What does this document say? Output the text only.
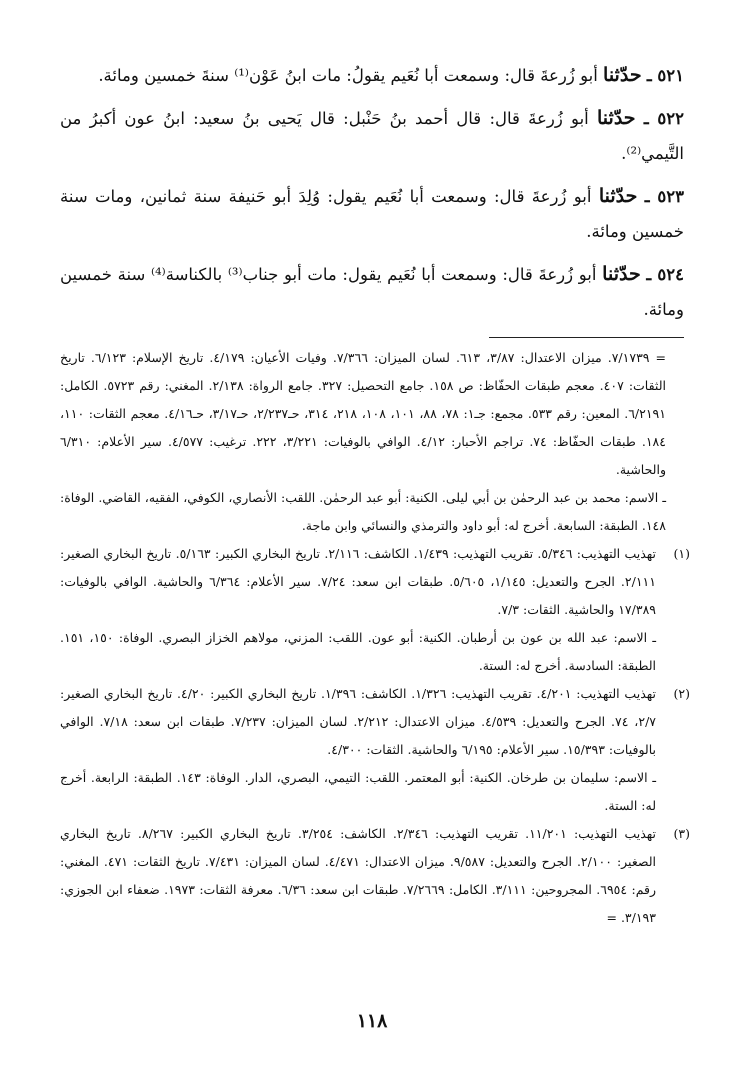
٥٢١ ـ حدّثنا أبو زُرعةَ قال: وسمعت أبا نُعَيم يقولُ: مات ابنُ عَوْن⁽¹⁾ سنةَ خمسين ومائة.

٥٢٢ ـ حدّثنا أبو زُرعةَ قال: قال أحمد بنُ حَنْبل: قال يَحيى بنُ سعيد: ابنُ عون أكبرُ من التَّيمي⁽²⁾.

٥٢٣ ـ حدّثنا أبو زُرعةَ قال: وسمعت أبا نُعَيم يقول: وُلِدَ أبو حَنيفة سنة ثمانين، ومات سنة خمسين ومائة.

٥٢٤ ـ حدّثنا أبو زُرعةَ قال: وسمعت أبا نُعَيم يقول: مات أبو جناب⁽³⁾ بالكناسة⁽⁴⁾ سنة خمسين ومائة.

= ٧/١٧٣٩. ميزان الاعتدال: ٣/٨٧، ٦١٣. لسان الميزان: ٧/٣٦٦. وفيات الأعيان: ٤/١٧٩. تاريخ الإسلام: ٦/١٢٣. تاريخ الثقات: ٤٠٧. معجم طبقات الحفّاظ: ص ١٥٨. جامع التحصيل: ٣٢٧. جامع الرواة: ٢/١٣٨. المغني: رقم ٥٧٢٣. الكامل: ٦/٢١٩١. المعين: رقم ٥٣٣. مجمع: جـ١: ٧٨، ٨٨، ١٠١، ١٠٨، ٢١٨، ٣١٤، حـ٢/٢٣٧، حـ٣/١٧، حـ٤/١٦. معجم الثقات: ١١٠، ١٨٤. طبقات الحفّاظ: ٧٤. تراجم الأحبار: ٤/١٢. الوافي بالوفيات: ٣/٢٢١، ٢٢٢. ترغيب: ٤/٥٧٧. سير الأعلام: ٦/٣١٠ والحاشية.
ـ الاسم: محمد بن عبد الرحمٰن بن أبي ليلى. الكنية: أبو عبد الرحمٰن. اللقب: الأنصاري، الكوفي، الفقيه، القاضي. الوفاة: ١٤٨. الطبقة: السابعة. أخرج له: أبو داود والترمذي والنسائي وابن ماجة.
(١)
تهذيب التهذيب: ٥/٣٤٦. تقريب التهذيب: ١/٤٣٩. الكاشف: ٢/١١٦. تاريخ البخاري الكبير: ٥/١٦٣. تاريخ البخاري الصغير: ٢/١١١. الجرح والتعديل: ١/١٤٥، ٥/٦٠٥. طبقات ابن سعد: ٧/٢٤. سير الأعلام: ٦/٣٦٤ والحاشية. الوافي بالوفيات: ١٧/٣٨٩ والحاشية. الثقات: ٧/٣.
ـ الاسم: عبد الله بن عون بن أرطبان. الكنية: أبو عون. اللقب: المزني، مولاهم الخزاز البصري. الوفاة: ١٥٠، ١٥١. الطبقة: السادسة. أخرج له: الستة.
(٢)
تهذيب التهذيب: ٤/٢٠١. تقريب التهذيب: ١/٣٢٦. الكاشف: ١/٣٩٦. تاريخ البخاري الكبير: ٤/٢٠. تاريخ البخاري الصغير: ٢/٧، ٧٤. الجرح والتعديل: ٤/٥٣٩. ميزان الاعتدال: ٢/٢١٢. لسان الميزان: ٧/٢٣٧. طبقات ابن سعد: ٧/١٨. الوافي بالوفيات: ١٥/٣٩٣. سير الأعلام: ٦/١٩٥ والحاشية. الثقات: ٤/٣٠٠.
ـ الاسم: سليمان بن طرخان. الكنية: أبو المعتمر. اللقب: التيمي، البصري، الدار. الوفاة: ١٤٣. الطبقة: الرابعة. أخرج له: الستة.
(٣)
تهذيب التهذيب: ١١/٢٠١. تقريب التهذيب: ٢/٣٤٦. الكاشف: ٣/٢٥٤. تاريخ البخاري الكبير: ٨/٢٦٧. تاريخ البخاري الصغير: ٢/١٠٠. الجرح والتعديل: ٩/٥٨٧. ميزان الاعتدال: ٤/٤٧١. لسان الميزان: ٧/٤٣١. تاريخ الثقات: ٤٧١. المغني: رقم: ٦٩٥٤. المجروحين: ٣/١١١. الكامل: ٧/٢٦٦٩. طبقات ابن سعد: ٦/٣٦. معرفة الثقات: ١٩٧٣. ضعفاء ابن الجوزي: ٣/١٩٣. =
١١٨
